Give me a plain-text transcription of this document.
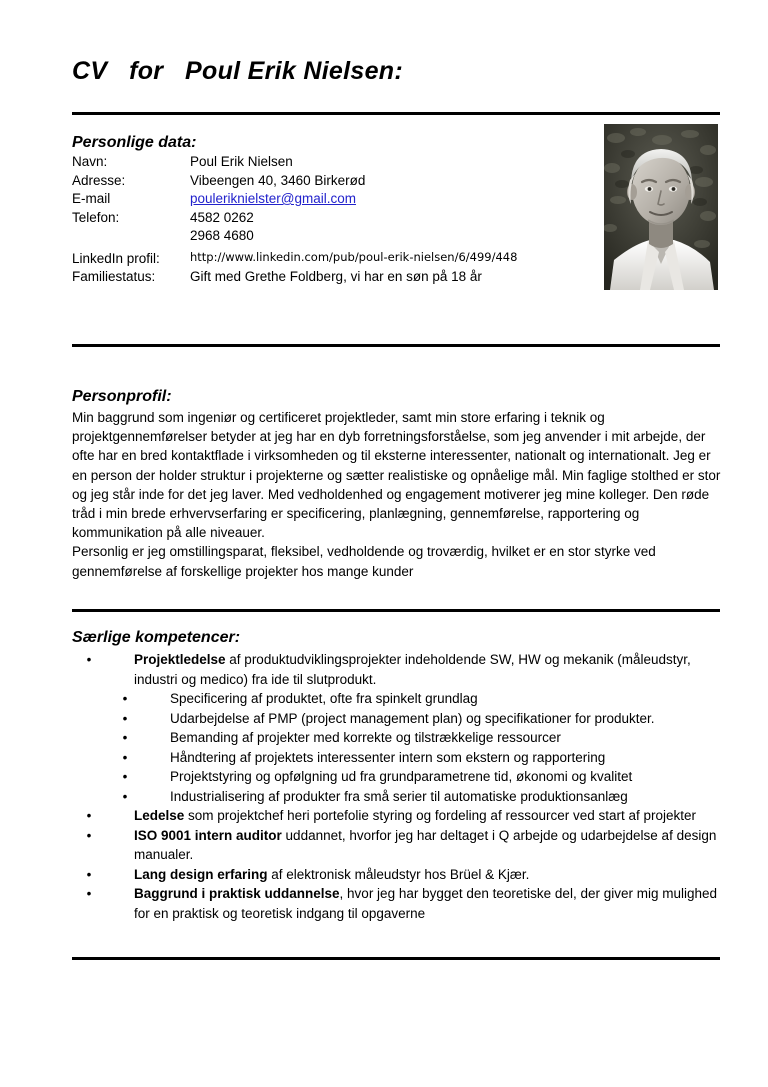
CV   for   Poul Erik Nielsen:
Personlige data:
Navn:	Poul Erik Nielsen
Adresse:	Vibeengen 40, 3460 Birkerød
E-mail	pouleriknielster@gmail.com
Telefon:	4582 0262
	2968 4680
LinkedIn profil:	http://www.linkedin.com/pub/poul-erik-nielsen/6/499/448
Familiestatus:	Gift med Grethe Foldberg, vi har en søn på 18 år
Personprofil:

Min baggrund som ingeniør og certificeret projektleder, samt min store erfaring i teknik og projektgennemførelser betyder at jeg har en dyb forretningsforståelse, som jeg anvender i mit arbejde, der ofte har en bred kontaktflade i virksomheden og til eksterne interessenter, nationalt og internationalt. Jeg er en person der holder struktur i projekterne og sætter realistiske og opnåelige mål. Min faglige stolthed er stor og jeg står inde for det jeg laver. Med vedholdenhed og engagement motiverer jeg mine kolleger. Den røde tråd i min brede erhvervserfaring er specificering, planlægning, gennemførelse, rapportering og kommunikation på alle niveauer.

Personlig er jeg omstillingsparat, fleksibel, vedholdende og troværdig, hvilket er en stor styrke ved gennemførelse af forskellige projekter hos mange kunder

Særlige kompetencer:
•	Projektledelse af produktudviklingsprojekter indeholdende SW, HW og mekanik (måleudstyr, industri og medico) fra ide til slutprodukt.
•	Specificering af produktet, ofte fra spinkelt grundlag
•	Udarbejdelse af PMP (project management plan) og specifikationer for produkter.
•	Bemanding af projekter med korrekte og tilstrækkelige ressourcer
•	Håndtering af projektets interessenter intern som ekstern og rapportering
•	Projektstyring og opfølgning ud fra grundparametrene tid, økonomi og kvalitet
•	Industrialisering af produkter fra små serier til automatiske produktionsanlæg
•	Ledelse som projektchef heri portefolie styring og fordeling af ressourcer ved start af projekter
•	ISO 9001 intern auditor uddannet, hvorfor jeg har deltaget i Q arbejde og udarbejdelse af design manualer.
•	Lang design erfaring af elektronisk måleudstyr hos Brüel & Kjær.
•	Baggrund i praktisk uddannelse, hvor jeg har bygget den teoretiske del, der giver mig mulighed for en praktisk og teoretisk indgang til opgaverne
